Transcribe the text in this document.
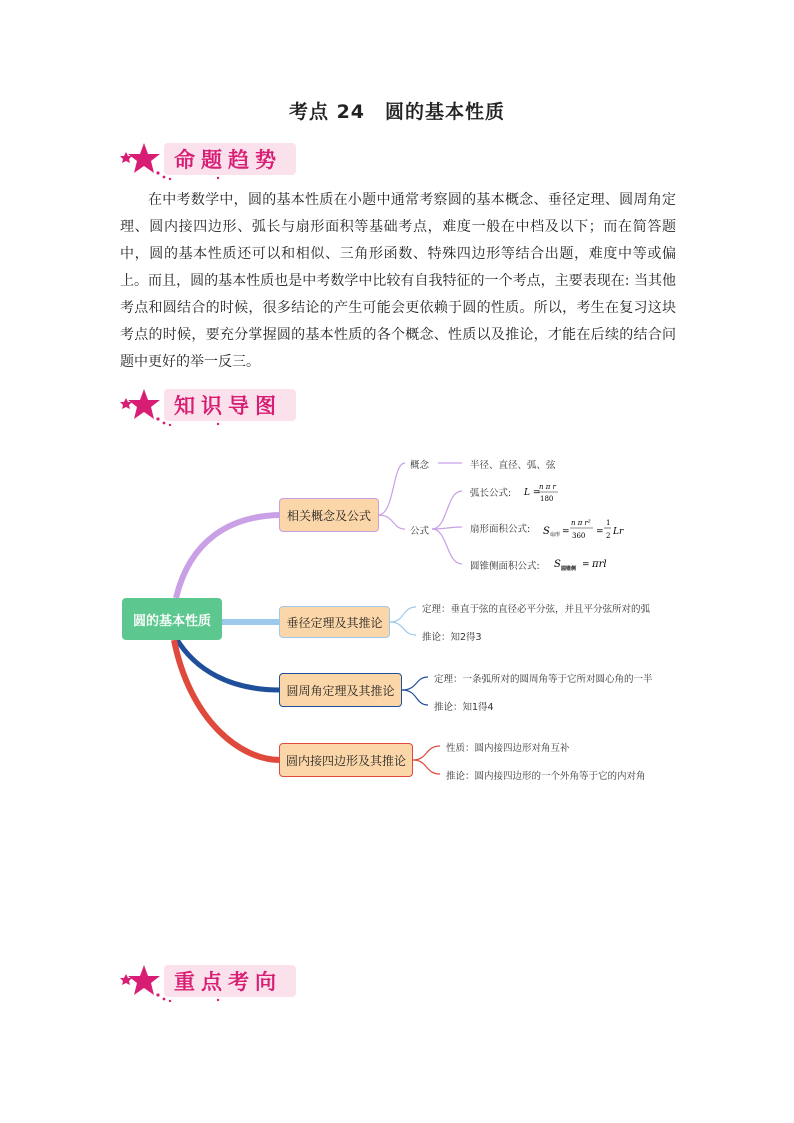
考点 24　圆的基本性质
命题趋势
在中考数学中，圆的基本性质在小题中通常考察圆的基本概念、垂径定理、圆周角定理、圆内接四边形、弧长与扇形面积等基础考点，难度一般在中档及以下；而在简答题中，圆的基本性质还可以和相似、三角形函数、特殊四边形等结合出题，难度中等或偏上。而且，圆的基本性质也是中考数学中比较有自我特征的一个考点，主要表现在: 当其他考点和圆结合的时候，很多结论的产生可能会更依赖于圆的性质。所以，考生在复习这块考点的时候，要充分掌握圆的基本性质的各个概念、性质以及推论，才能在后续的结合问题中更好的举一反三。
知识导图
圆的基本性质
相关概念及公式
垂径定理及其推论
圆周角定理及其推论
圆内接四边形及其推论
概念	半径、直径、弧、弦
公式
弧长公式:
扇形面积公式:
圆锥侧面积公式:
L =
n π r
180
S 扇形 =
n π r²
360 =
1
2 Lr
S 圆锥侧 = πrl
定理：垂直于弦的直径必平分弦，并且平分弦所对的弧
推论：知2得3
定理：一条弧所对的圆周角等于它所对圆心角的一半
推论：知1得4
性质：圆内接四边形对角互补
推论：圆内接四边形的一个外角等于它的内对角
重点考向
